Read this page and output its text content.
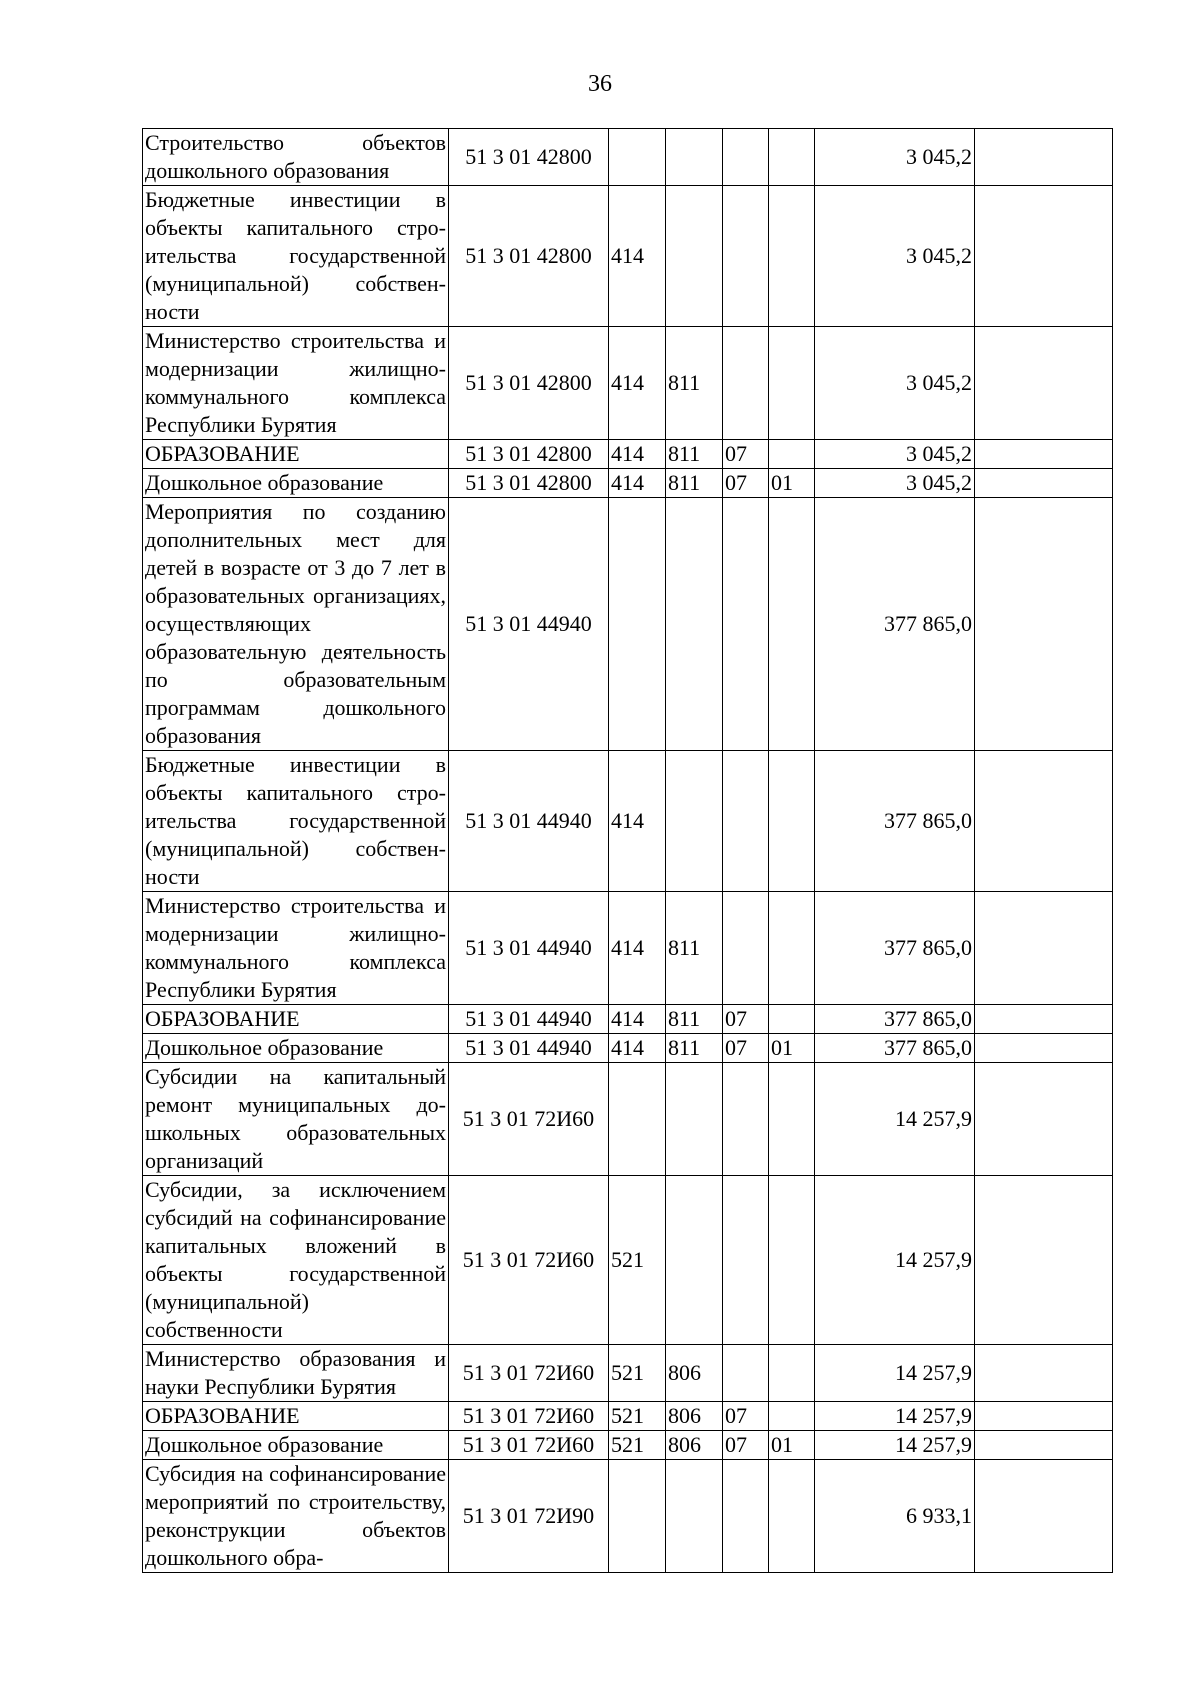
36
Строительство объектов дошкольного образования	51 3 01 42800					3 045,2	
Бюджетные инвестиции в объекты капитального строительства государственной (муниципальной) собственности	51 3 01 42800	414				3 045,2	
Министерство строительства и модернизации жилищно-коммунального комплекса Республики Бурятия	51 3 01 42800	414	811			3 045,2	
ОБРАЗОВАНИЕ	51 3 01 42800	414	811	07		3 045,2	
Дошкольное образование	51 3 01 42800	414	811	07	01	3 045,2	
Мероприятия по созданию дополнительных мест для детей в возрасте от 3 до 7 лет в образовательных организациях, осуществляющих образовательную деятельность по образовательным программам дошкольного образования	51 3 01 44940					377 865,0	
Бюджетные инвестиции в объекты капитального строительства государственной (муниципальной) собственности	51 3 01 44940	414				377 865,0	
Министерство строительства и модернизации жилищно-коммунального комплекса Республики Бурятия	51 3 01 44940	414	811			377 865,0	
ОБРАЗОВАНИЕ	51 3 01 44940	414	811	07		377 865,0	
Дошкольное образование	51 3 01 44940	414	811	07	01	377 865,0	
Субсидии на капитальный ремонт муниципальных дошкольных образовательных организаций	51 3 01 72И60					14 257,9	
Субсидии, за исключением субсидий на софинансирование капитальных вложений в объекты государственной (муниципальной) собственности	51 3 01 72И60	521				14 257,9	
Министерство образования и науки Республики Бурятия	51 3 01 72И60	521	806			14 257,9	
ОБРАЗОВАНИЕ	51 3 01 72И60	521	806	07		14 257,9	
Дошкольное образование	51 3 01 72И60	521	806	07	01	14 257,9	
Субсидия на софинансирование мероприятий по строительству, реконструкции объектов дошкольного обра-	51 3 01 72И90					6 933,1	
